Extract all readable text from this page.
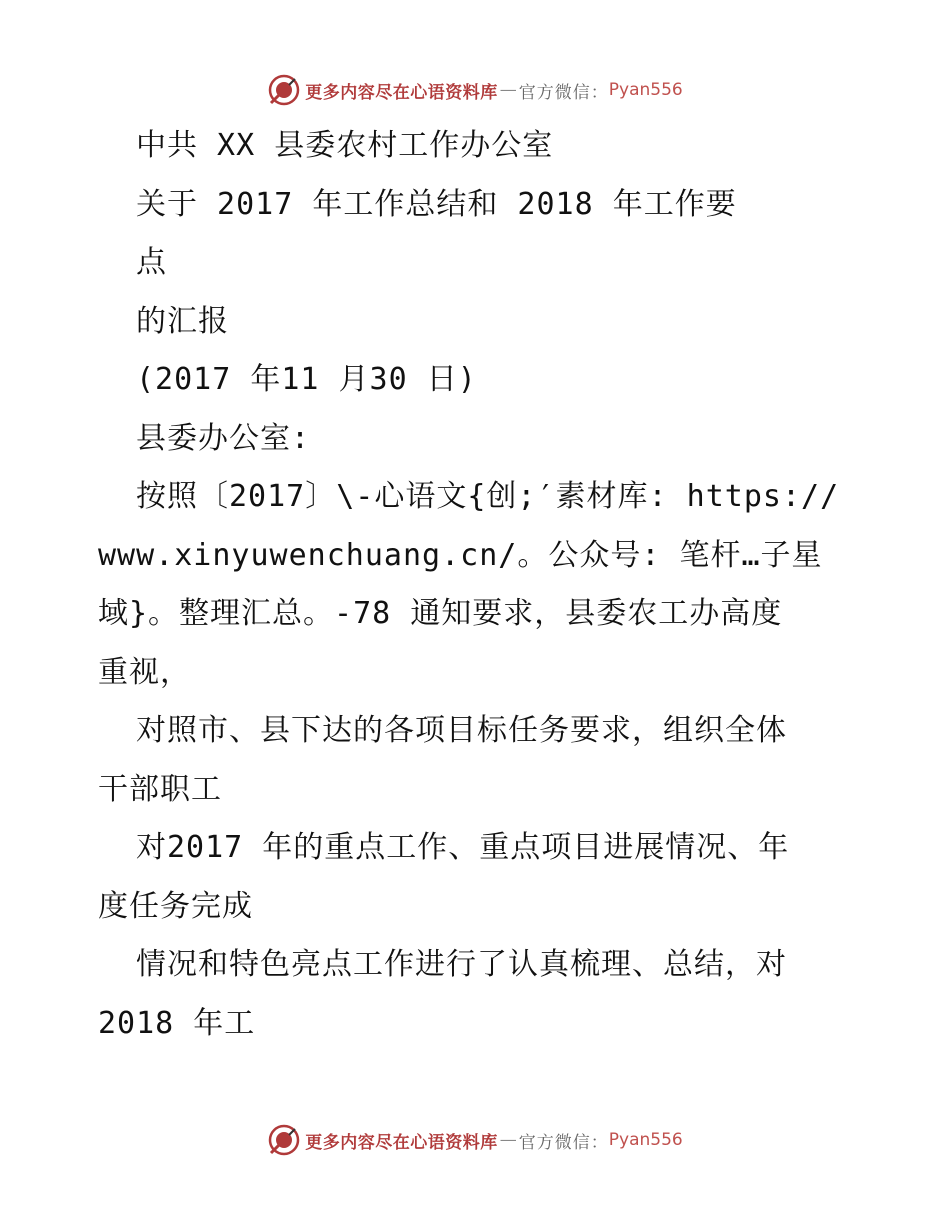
更多内容尽在心语资料库 — 官方微信： Pyan556
中共 XX 县委农村工作办公室
关于 2017 年工作总结和 2018 年工作要
点
的汇报
(2017 年11 月30 日)
县委办公室:
按照〔2017〕\-心语文{创;′素材库: https://
www.xinyuwenchuang.cn/。公众号: 笔杆…子星
域}。整理汇总。-78 通知要求，县委农工办高度
重视，
对照市、县下达的各项目标任务要求，组织全体
干部职工
对2017 年的重点工作、重点项目进展情况、年
度任务完成
情况和特色亮点工作进行了认真梳理、总结，对
2018 年工
更多内容尽在心语资料库 — 官方微信： Pyan556
